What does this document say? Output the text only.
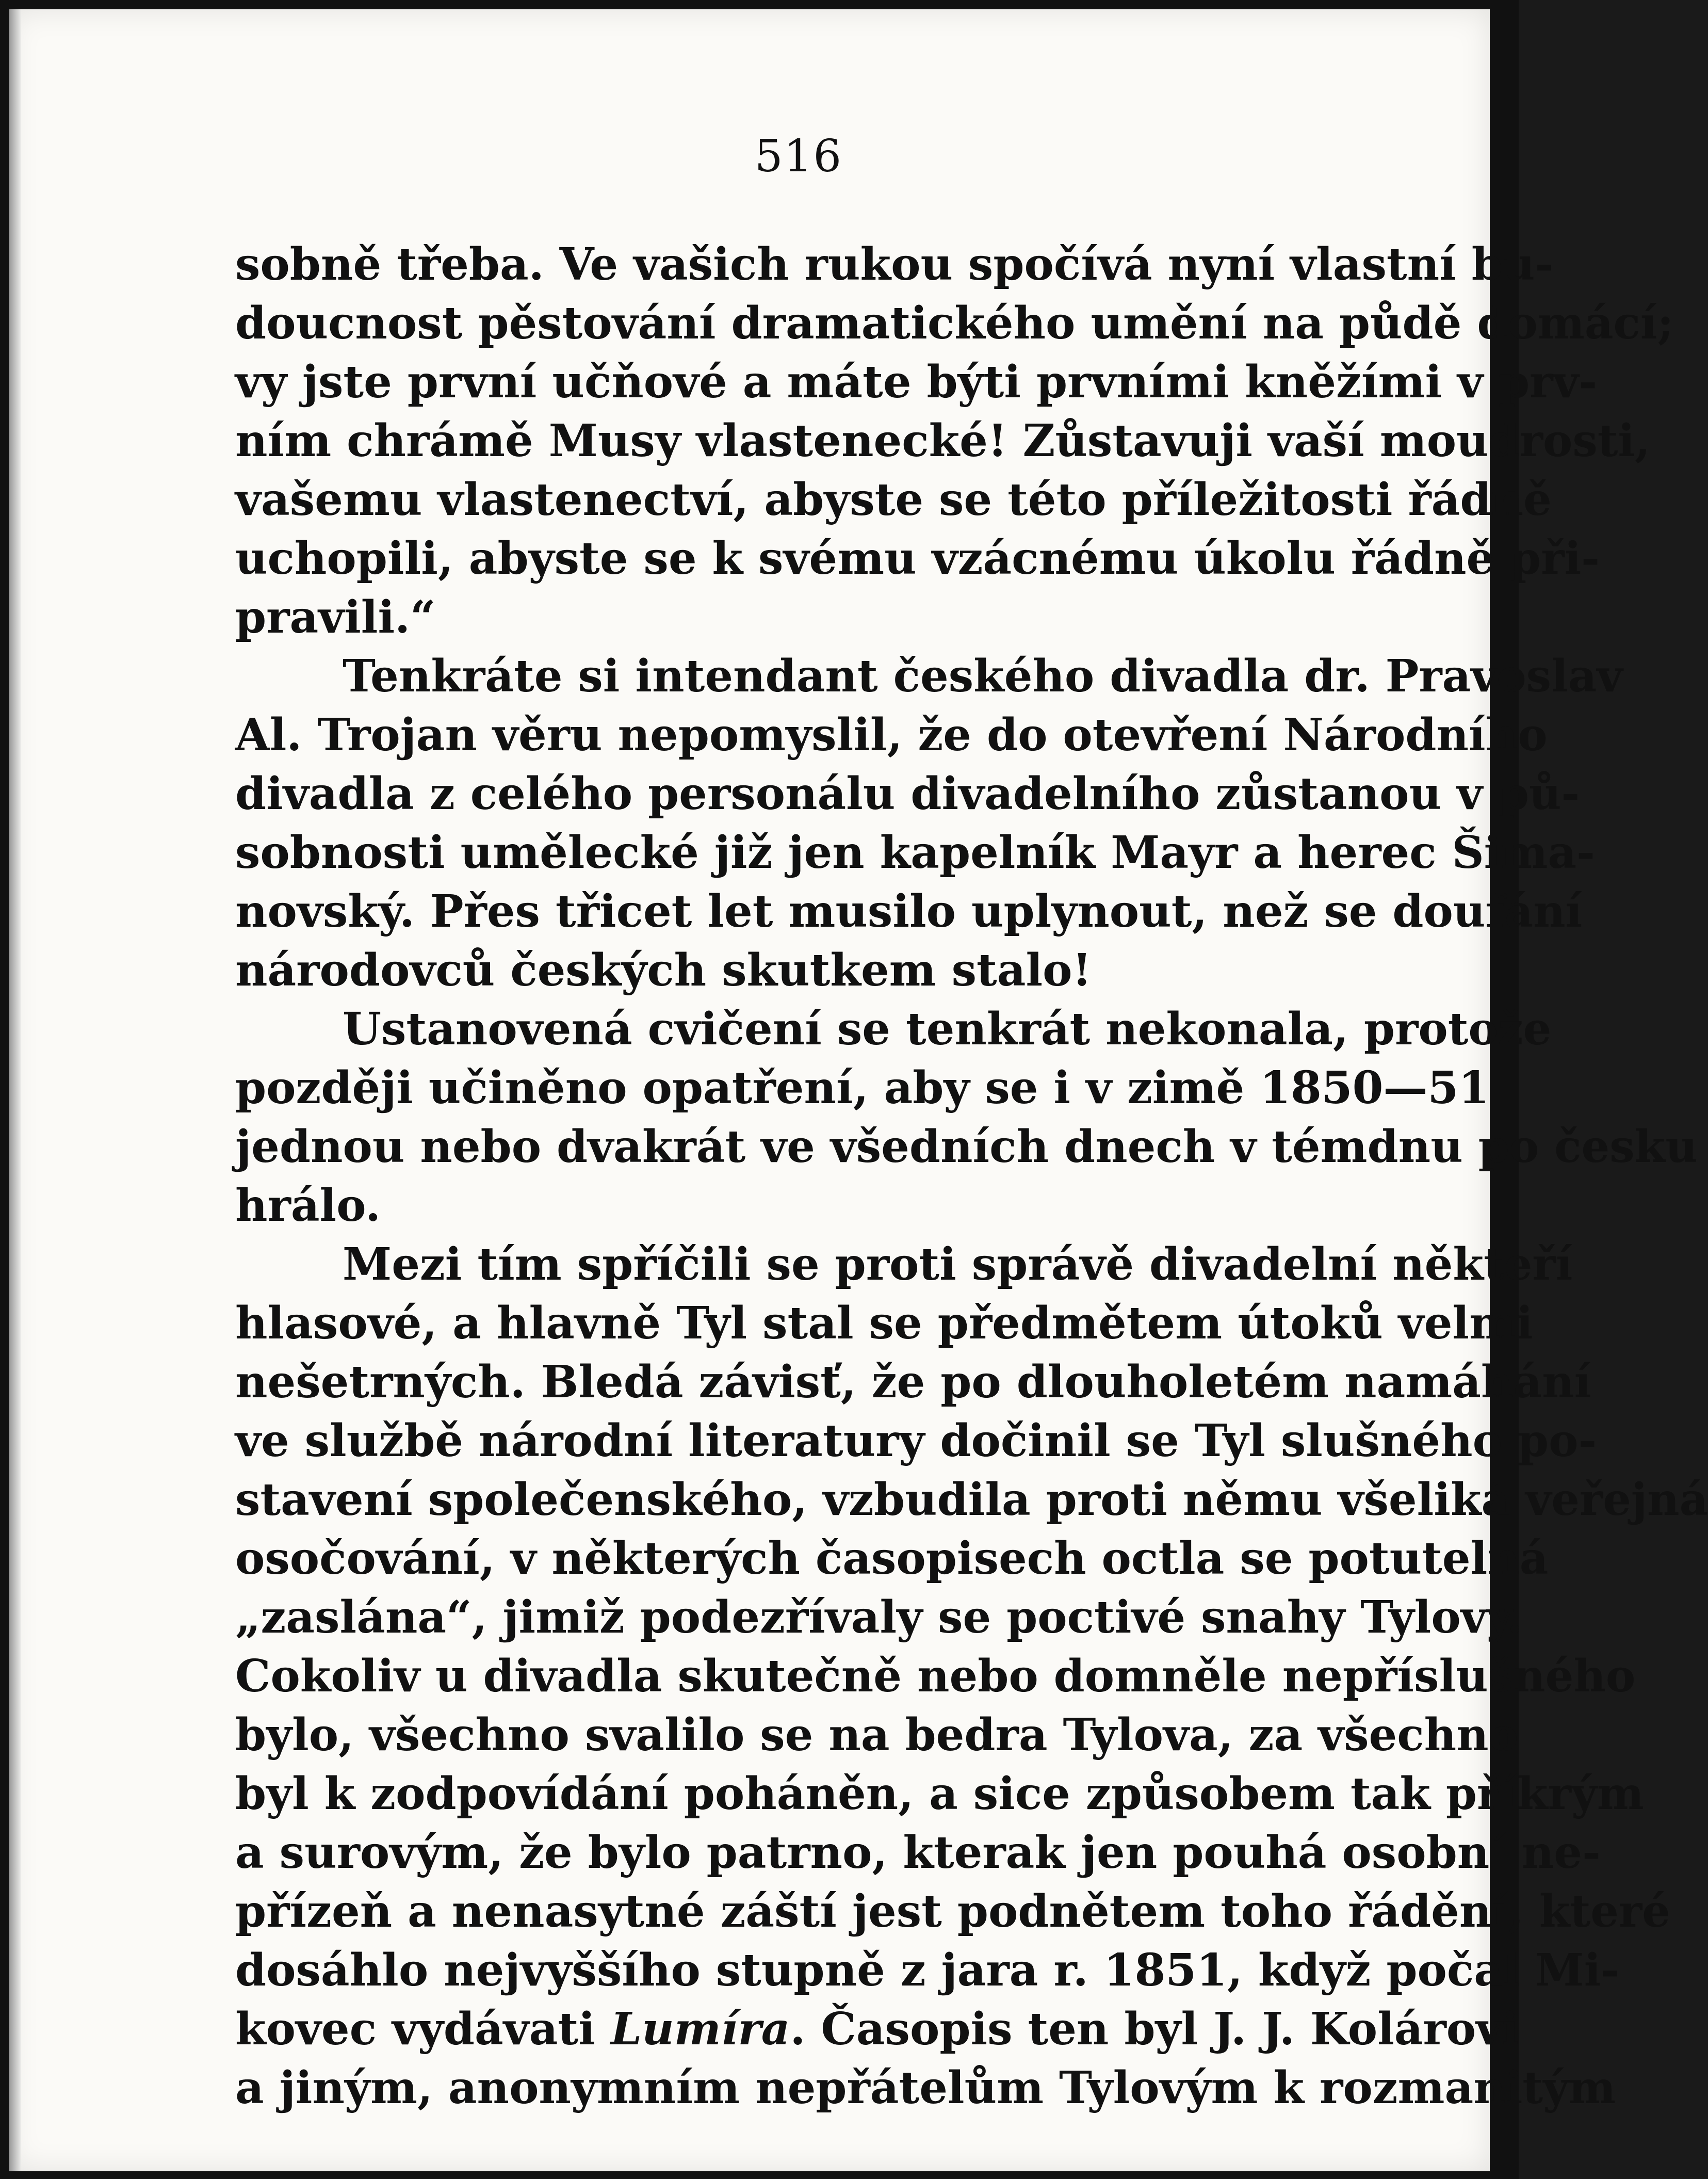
516
sobně třeba. Ve vašich rukou spočívá nyní vlastní bu-
doucnost pěstování dramatického umění na půdě domácí;
vy jste první učňové a máte býti prvními kněžími v prv-
ním chrámě Musy vlastenecké! Zůstavuji vaší moudrosti,
vašemu vlastenectví, abyste se této příležitosti řádně
uchopili, abyste se k svému vzácnému úkolu řádně při-
pravili.“
Tenkráte si intendant českého divadla dr. Pravoslav
Al. Trojan věru nepomyslil, že do otevření Národního
divadla z celého personálu divadelního zůstanou v pů-
sobnosti umělecké již jen kapelník Mayr a herec Šima-
novský. Přes třicet let musilo uplynout, než se doufání
národovců českých skutkem stalo!
Ustanovená cvičení se tenkrát nekonala, protože
později učiněno opatření, aby se i v zimě 1850—51
jednou nebo dvakrát ve všedních dnech v témdnu po česku
hrálo.
Mezi tím spříčili se proti správě divadelní někteří
hlasové, a hlavně Tyl stal se předmětem útoků velmi
nešetrných. Bledá závisť, že po dlouholetém namáhání
ve službě národní literatury dočinil se Tyl slušného po-
stavení společenského, vzbudila proti němu všeliká veřejná
osočování, v některých časopisech octla se potutelná
„zaslána“, jimiž podezřívaly se poctivé snahy Tylovy.
Cokoliv u divadla skutečně nebo domněle nepříslušného
bylo, všechno svalilo se na bedra Tylova, za všechno
byl k zodpovídání poháněn, a sice způsobem tak příkrým
a surovým, že bylo patrno, kterak jen pouhá osobní ne-
přízeň a nenasytné záští jest podnětem toho řádění, které
dosáhlo nejvyššího stupně z jara r. 1851, když počal Mi-
kovec vydávati Lumíra. Časopis ten byl J. J. Kolárovi
a jiným, anonymním nepřátelům Tylovým k rozmanitým
